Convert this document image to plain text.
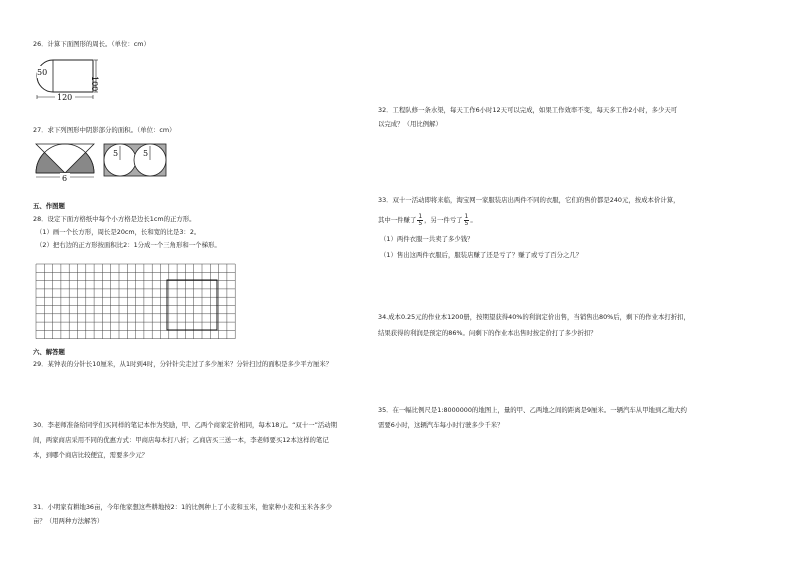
26．计算下面图形的周长。（单位：cm）
50
100
120
27．求下列图形中阴影部分的面积。（单位：cm）
6
5	5
五、作图题
28．设定下面方格纸中每个小方格是边长1cm的正方形。
（1）画一个长方形，周长是20cm，长和宽的比是3：2。
（2）把右边的正方形按面积比2：1分成一个三角形和一个梯形。
六、解答题
29．某钟表的分针长10厘米，从1时到4时，分针针尖走过了多少厘米？分针扫过的面积是多少平方厘米？
30．李老师准备给同学们买同样的笔记本作为奖励，甲、乙两个商家定价相同，每本18元。“双十一”活动期
间，两家商店采用不同的优惠方式：甲商店每本打八折；乙商店买三送一本，李老师要买12本这样的笔记
本，到哪个商店比较便宜，需要多少元？
31．小明家有耕地36亩，今年他家想这些耕地按2：1的比例种上了小麦和玉米，他家种小麦和玉米各多少
亩？（用两种方法解答）
32．工程队修一条水渠，每天工作6小时12天可以完成，如果工作效率不变，每天多工作2小时，多少天可
以完成？（用比例解）
33．双十一活动即将来临，淘宝网一家服装店出两件不同的衣服，它们的售价都是240元，按成本价计算，
其中一件赚了 $\frac{1}{5}$ ，另一件亏了 $\frac{1}{5}$ 。
（1）两件衣服一共卖了多少钱？
（1）售出这两件衣服后，服装店赚了还是亏了？赚了或亏了百分之几？
34.成本0.25元的作业本1200册，按期望获得40%的利润定价出售，当销售出80%后，剩下的作业本打折扣，
结果获得的利润是预定的86%。问剩下的作业本出售时按定价打了多少折扣？
35．在一幅比例尺是1:8000000的地图上，量的甲、乙两地之间的距离是9厘米。一辆汽车从甲地到乙地大约
需要6小时，这辆汽车每小时行驶多少千米？
